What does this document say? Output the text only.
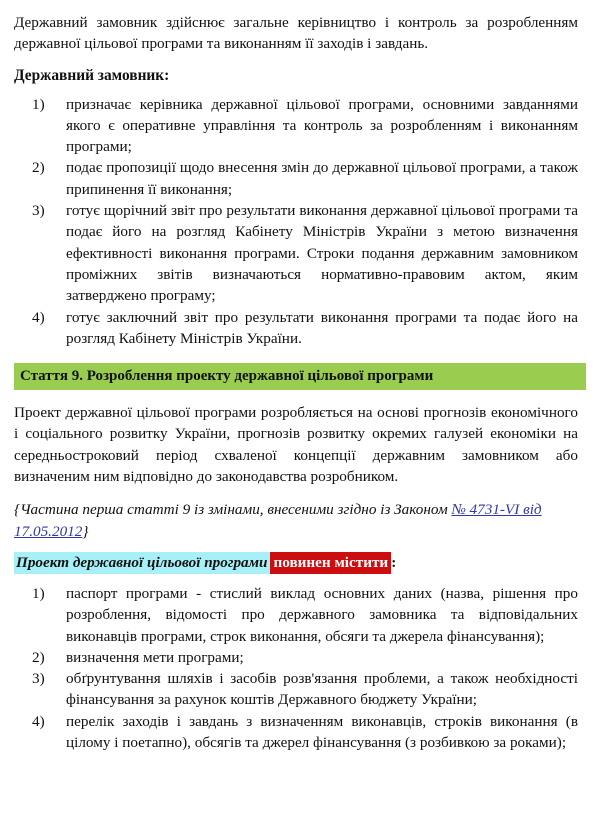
Державний замовник здійснює загальне керівництво і контроль за розробленням державної цільової програми та виконанням її заходів і завдань.

Державний замовник:

1)	призначає керівника державної цільової програми, основними завданнями якого є оперативне управління та контроль за розробленням і виконанням програми;
2)	подає пропозиції щодо внесення змін до державної цільової програми, а також припинення її виконання;
3)	готує щорічний звіт про результати виконання державної цільової програми та подає його на розгляд Кабінету Міністрів України з метою визначення ефективності виконання програми. Строки подання державним замовником проміжних звітів визначаються нормативно-правовим актом, яким затверджено програму;
4)	готує заключний звіт про результати виконання програми та подає його на розгляд Кабінету Міністрів України.
Стаття 9. Розроблення проекту державної цільової програми

Проект державної цільової програми розробляється на основі прогнозів економічного і соціального розвитку України, прогнозів розвитку окремих галузей економіки на середньостроковий період схваленої концепції державним замовником або визначеним ним відповідно до законодавства розробником.

{Частина перша статті 9 із змінами, внесеними згідно із Законом № 4731-VI від 17.05.2012}

Проект державної цільової програми повинен містити :

1)	паспорт програми - стислий виклад основних даних (назва, рішення про розроблення, відомості про державного замовника та відповідальних виконавців програми, строк виконання, обсяги та джерела фінансування);
2)	визначення мети програми;
3)	обґрунтування шляхів і засобів розв'язання проблеми, а також необхідності фінансування за рахунок коштів Державного бюджету України;
4)	перелік заходів і завдань з визначенням виконавців, строків виконання (в цілому і поетапно), обсягів та джерел фінансування (з розбивкою за роками);
